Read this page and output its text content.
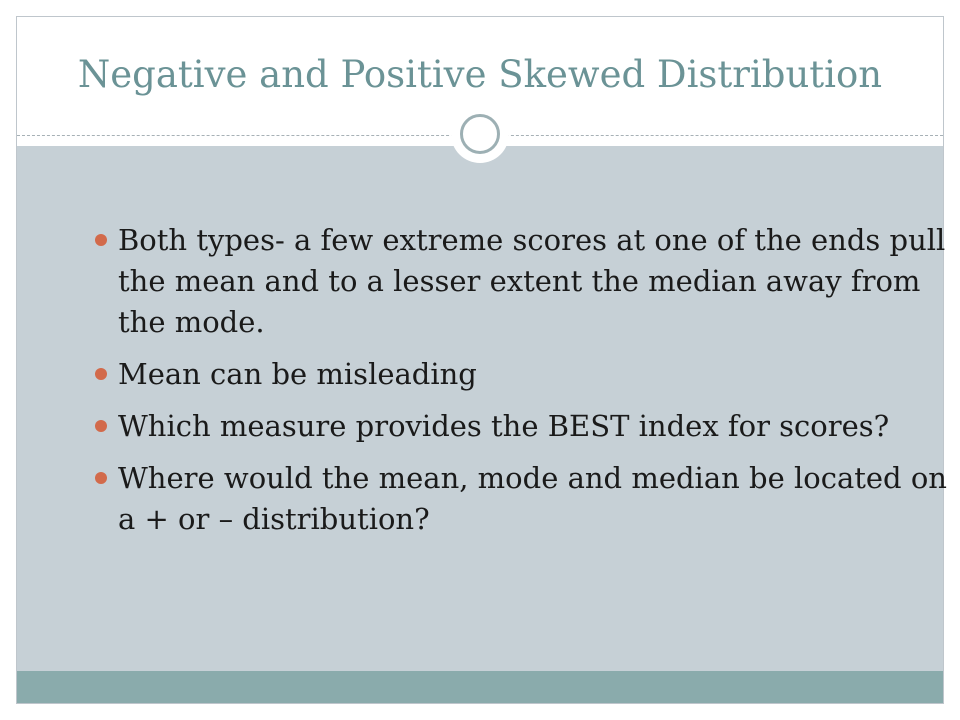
Negative and Positive Skewed Distribution
Both types- a few extreme scores at one of the ends pull the mean and to a lesser extent the median away from the mode.
Mean can be misleading
Which measure provides the BEST index for scores?
Where would the mean, mode and median be located on a + or – distribution?
